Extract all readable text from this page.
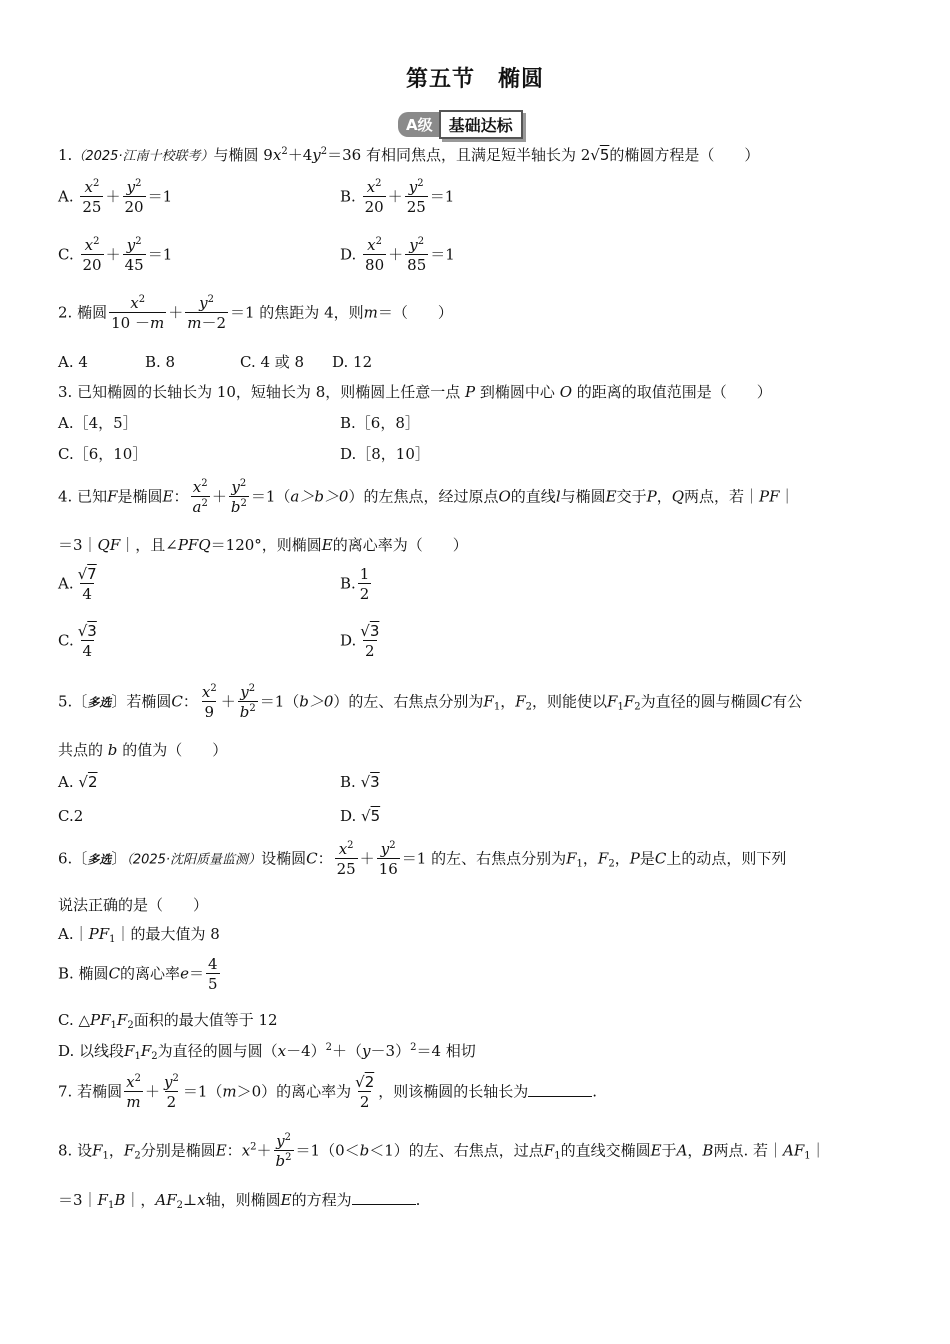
第五节　椭圆
A级	基础达标
1.（2025·江南十校联考）与椭圆 $9x^2+4y^2=36$ 有相同焦点，且满足短半轴长为 2√5的椭圆方程是（　　）
A. $\frac{x^2}{25} + \frac{y^2}{20} =1$	B. $\frac{x^2}{20} + \frac{y^2}{25} =1$
C. $\frac{x^2}{20} + \frac{y^2}{45} =1$	D. $\frac{x^2}{80} + \frac{y^2}{85} =1$
2. 椭圆 $\frac{x^2}{10 -m} + \frac{y^2}{m-2} =1$ 的焦距为 4，则m＝（　　）
A. 4	B. 8	C. 4 或 8 D. 12
3. 已知椭圆的长轴长为 10，短轴长为 8，则椭圆上任意一点 P 到椭圆中心 O 的距离的取值范围是（　　）
A.［4，5］	B.［6，8］
C.［6，10］	D.［8，10］
4. 已知F是椭圆E： $\frac{x^2}{a^2} + \frac{y^2}{b^2} =1(a>b>0)$的左焦点，经过原点O的直线l与椭圆E交于P，Q两点，若｜PF｜
＝3｜QF｜，且∠PFQ＝120°，则椭圆E的离心率为（　　）
A. $\frac{√7}{4}$	B. $\frac{1}{2}$
C. $\frac{√3}{4}$	D. $\frac{√3}{2}$
5.〔多选〕若椭圆C： $\frac{x^2}{9} + \frac{y^2}{b^2} =1(b>0)$的左、右焦点分别为$F_1$，$F_2$，则能使以$F_1F_2$为直径的圆与椭圆C有公
共点的 b 的值为（　　）
A. √2	B. √3
C.2	D. √5
6.〔多选〕（2025·沈阳质量监测）设椭圆C： $\frac{x^2}{25} + \frac{y^2}{16} =1$ 的左、右焦点分别为$F_1$，$F_2$，P是C上的动点，则下列
说法正确的是（　　）
$A.|PF_1|$的最大值为 8
B. 椭圆C的离心率$e= \frac{4}{5}$
C. $\triangle PF_1F_2$面积的最大值等于 12
D. 以线段$F_1F_2$为直径的圆与圆$(x-4)^2+(y-3)^2=4$ 相切
7. 若椭圆 $\frac{x^2}{m} + \frac{y^2}{2} =1(m>0)$的离心率为 $\frac{√2}{2}$ ，则该椭圆的长轴长为	.
8. 设$F_1$，$F_2$分别是椭圆E：$x^2+ \frac{y^2}{b^2} =1(0<b<1)$的左、右焦点，过点$F_1$的直线交椭圆E于A，B两点. 若$|AF_1|$
$=3|F_1B|$，$AF_2\perp x$轴，则椭圆E的方程为	.
